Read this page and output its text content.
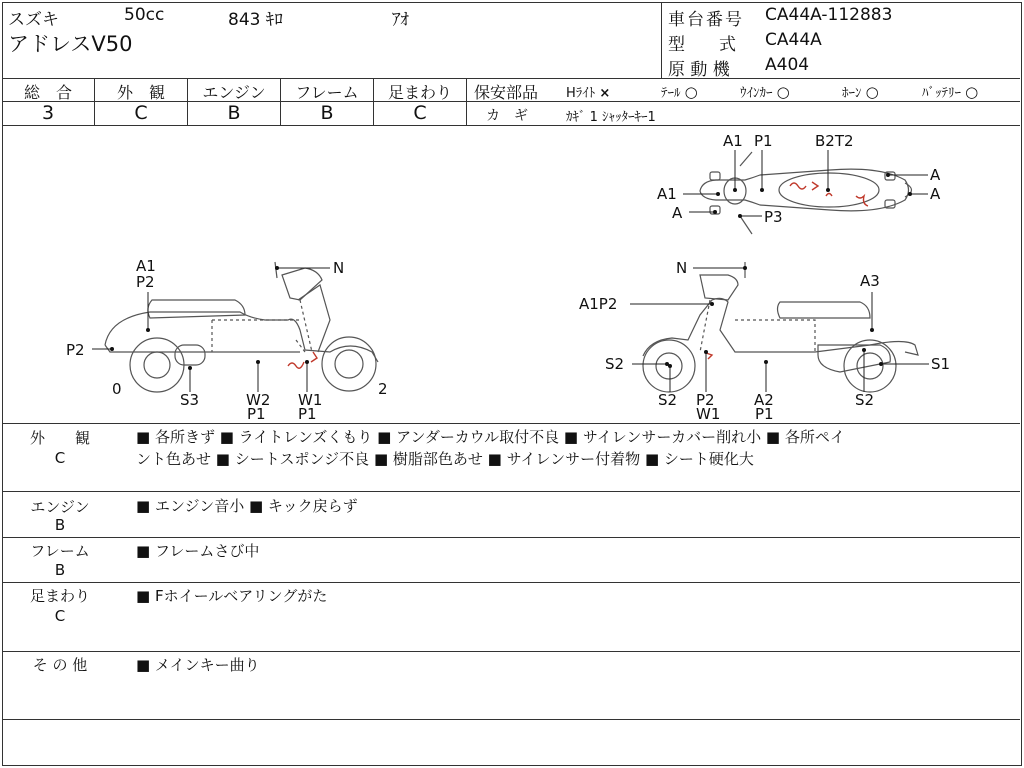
スズキ	50cc	843 ｷﾛ	ｱｵ
アドレスV50
車台番号 CA44A-112883
型　　式 CA44A
原 動 機 A404
総　合	外　観	エンジン	フレーム	足まわり
3	C	B	B	C
保安部品 Hﾗｲﾄ ×	ﾃｰﾙ ○	ｳｲﾝｶｰ ○	ﾎｰﾝ ○	ﾊﾞｯﾃﾘｰ ○
カ　ギ	ｶｷﾞ 1 ｼｬｯﾀｰｷｰ1
A1 P1	B2T2
A
A
A1
A	P3
A1
P2
N
P2
0
S3	W2
P1
W1
P1
2
N
A3
A1P2
S2	S1
S2 P2
W1
A2
P1
S2
外　　観
C
■ 各所きず ■ ライトレンズくもり ■ アンダーカウル取付不良 ■ サイレンサーカバー削れ小 ■ 各所ペイ
ント色あせ ■ シートスポンジ不良 ■ 樹脂部色あせ ■ サイレンサー付着物 ■ シート硬化大
エンジン
B
■ エンジン音小 ■ キック戻らず
フレーム
B
■ フレームさび中
足まわり
C
■ Fホイールベアリングがた
そ の 他	■ メインキー曲り
